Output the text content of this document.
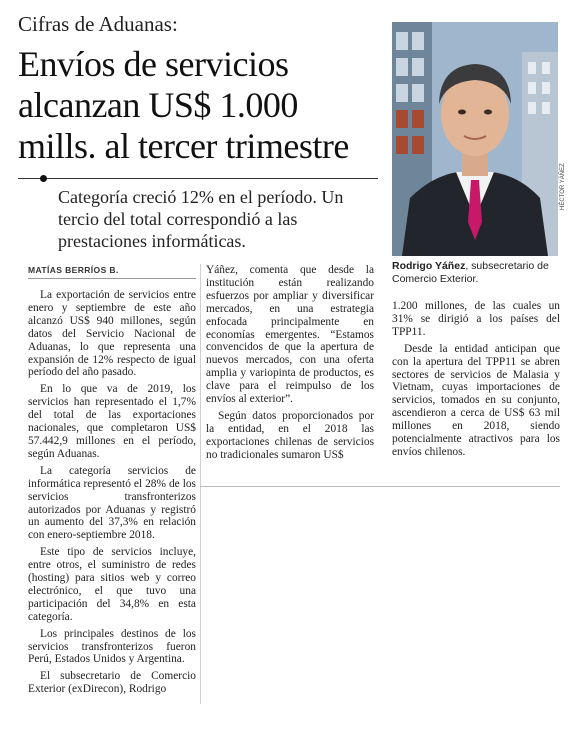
Cifras de Aduanas:
Envíos de servicios alcanzan US$ 1.000 mills. al tercer trimestre
Categoría creció 12% en el período. Un tercio del total correspondió a las prestaciones informáticas.
HÉCTOR YÁÑEZ
Rodrigo Yáñez, subsecretario de Comercio Exterior.
MATÍAS BERRÍOS B.

La exportación de servicios entre enero y septiembre de este año alcanzó US$ 940 millones, según datos del Servicio Nacional de Aduanas, lo que representa una expansión de 12% respecto de igual período del año pasado.

En lo que va de 2019, los servicios han representado el 1,7% del total de las exportaciones nacionales, que completaron US$ 57.442,9 millones en el período, según Aduanas.

La categoría servicios de informática representó el 28% de los servicios transfronterizos autorizados por Aduanas y registró un aumento del 37,3% en relación con enero-septiembre 2018.

Este tipo de servicios incluye, entre otros, el suministro de redes (hosting) para sitios web y correo electrónico, el que tuvo una participación del 34,8% en esta categoría.

Los principales destinos de los servicios transfronterizos fueron Perú, Estados Unidos y Argentina.

El subsecretario de Comercio Exterior (exDirecon), Rodrigo

Yáñez, comenta que desde la institución están realizando esfuerzos por ampliar y diversificar mercados, en una estrategia enfocada principalmente en economías emergentes. “Estamos convencidos de que la apertura de nuevos mercados, con una oferta amplia y variopinta de productos, es clave para el reimpulso de los envíos al exterior”.

Según datos proporcionados por la entidad, en el 2018 las exportaciones chilenas de servicios no tradicionales sumaron US$

1.200 millones, de las cuales un 31% se dirigió a los países del TPP11.

Desde la entidad anticipan que con la apertura del TPP11 se abren sectores de servicios de Malasia y Vietnam, cuyas importaciones de servicios, tomados en su conjunto, ascendieron a cerca de US$ 63 mil millones en 2018, siendo potencialmente atractivos para los envíos chilenos.
